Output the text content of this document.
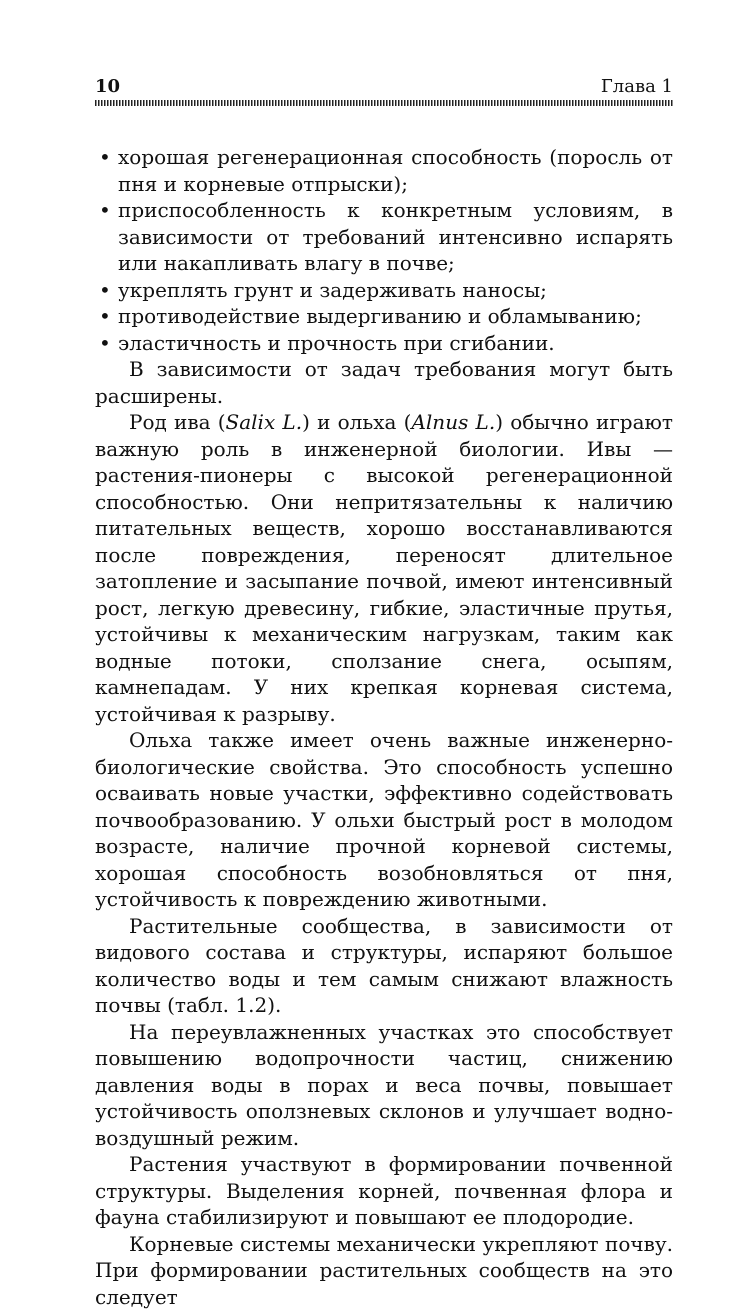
10	Глава 1
• хорошая регенерационная способность (поросль от пня и корневые отпрыски);
• приспособленность к конкретным условиям, в зависимости от требований интенсивно испарять или накапливать влагу в почве;
• укреплять грунт и задерживать наносы;
• противодействие выдергиванию и обламыванию;
• эластичность и прочность при сгибании.

В зависимости от задач требования могут быть расширены.

Род ива (Salix L.) и ольха (Alnus L.) обычно играют важную роль в инженерной биологии. Ивы — растения-пионеры с высокой регенерационной способностью. Они непритязательны к наличию питательных веществ, хорошо восстанавливаются после повреждения, переносят длительное затопление и засыпание почвой, имеют интенсивный рост, легкую древесину, гибкие, эластичные прутья, устойчивы к механическим нагрузкам, таким как водные потоки, сползание снега, осыпям, камнепадам. У них крепкая корневая система, устойчивая к разрыву.

Ольха также имеет очень важные инженерно-биологические свойства. Это способность успешно осваивать новые участки, эффективно содействовать почвообразованию. У ольхи быстрый рост в молодом возрасте, наличие прочной корневой системы, хорошая способность возобновляться от пня, устойчивость к повреждению животными.

Растительные сообщества, в зависимости от видового состава и структуры, испаряют большое количество воды и тем самым снижают влажность почвы (табл. 1.2).

На переувлажненных участках это способствует повышению водопрочности частиц, снижению давления воды в порах и веса почвы, повышает устойчивость оползневых склонов и улучшает водно-воздушный режим.

Растения участвуют в формировании почвенной структуры. Выделения корней, почвенная флора и фауна стабилизируют и повышают ее плодородие.

Корневые системы механически укрепляют почву. При формировании растительных сообществ на это следует
